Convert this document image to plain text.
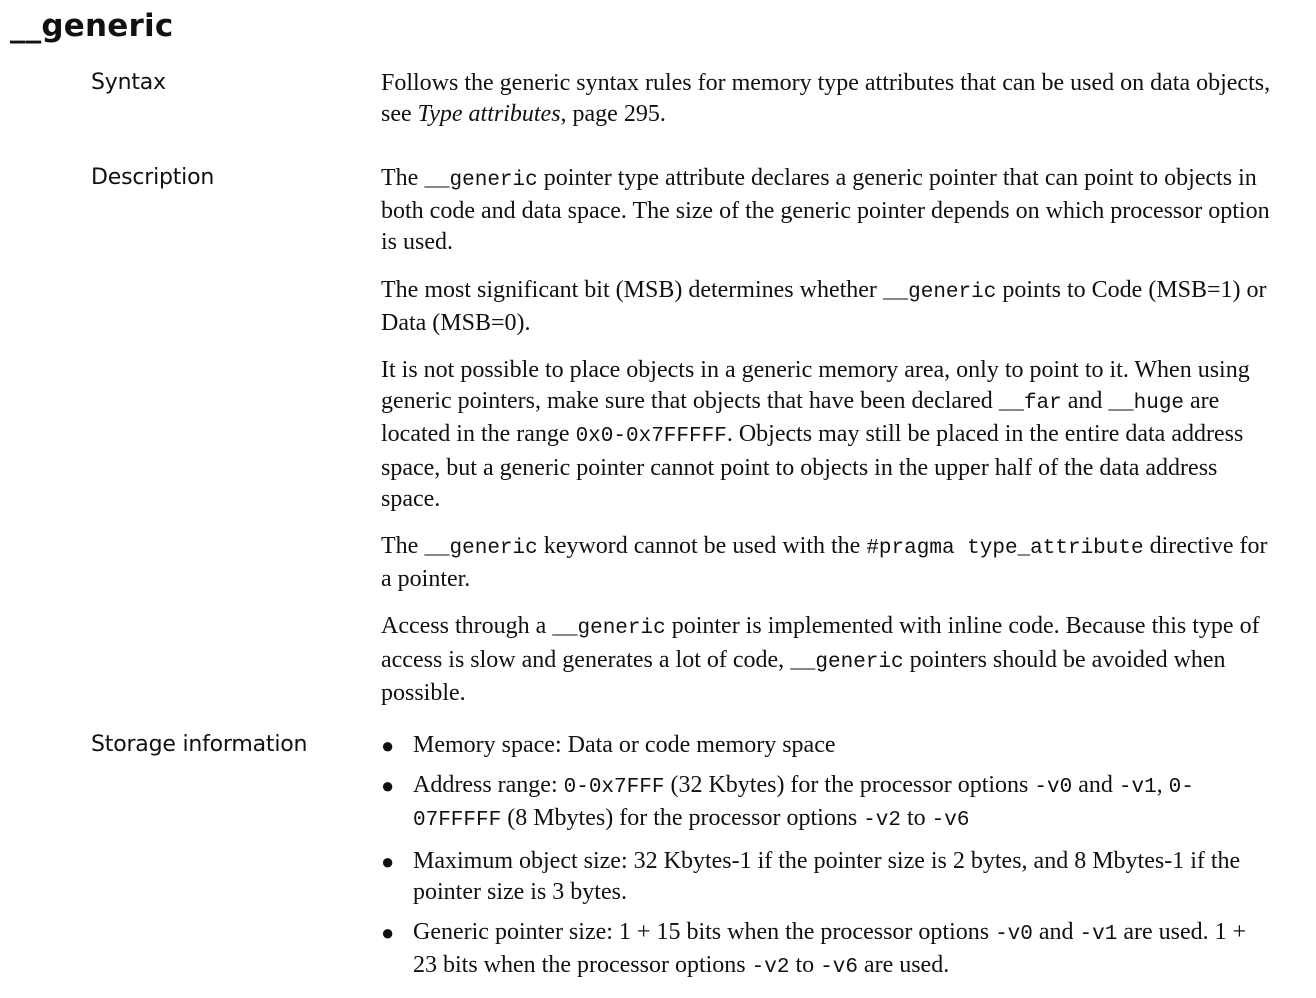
__generic
Syntax	Follows the generic syntax rules for memory type attributes that can be used on data objects, see Type attributes, page 295.

Description	The __generic pointer type attribute declares a generic pointer that can point to objects in both code and data space. The size of the generic pointer depends on which processor option is used.

The most significant bit (MSB) determines whether __generic points to Code (MSB=1) or Data (MSB=0).

It is not possible to place objects in a generic memory area, only to point to it. When using generic pointers, make sure that objects that have been declared __far and __huge are located in the range 0x0-0x7FFFFF. Objects may still be placed in the entire data address space, but a generic pointer cannot point to objects in the upper half of the data address space.

The __generic keyword cannot be used with the #pragma type_attribute directive for a pointer.

Access through a __generic pointer is implemented with inline code. Because this type of access is slow and generates a lot of code, __generic pointers should be avoided when possible.

Storage information	● Memory space: Data or code memory space
● Address range: 0-0x7FFF (32 Kbytes) for the processor options -v0 and -v1, 0-07FFFFF (8 Mbytes) for the processor options -v2 to -v6
● Maximum object size: 32 Kbytes-1 if the pointer size is 2 bytes, and 8 Mbytes-1 if the pointer size is 3 bytes.
● Generic pointer size: 1 + 15 bits when the processor options -v0 and -v1 are used. 1 + 23 bits when the processor options -v2 to -v6 are used.
